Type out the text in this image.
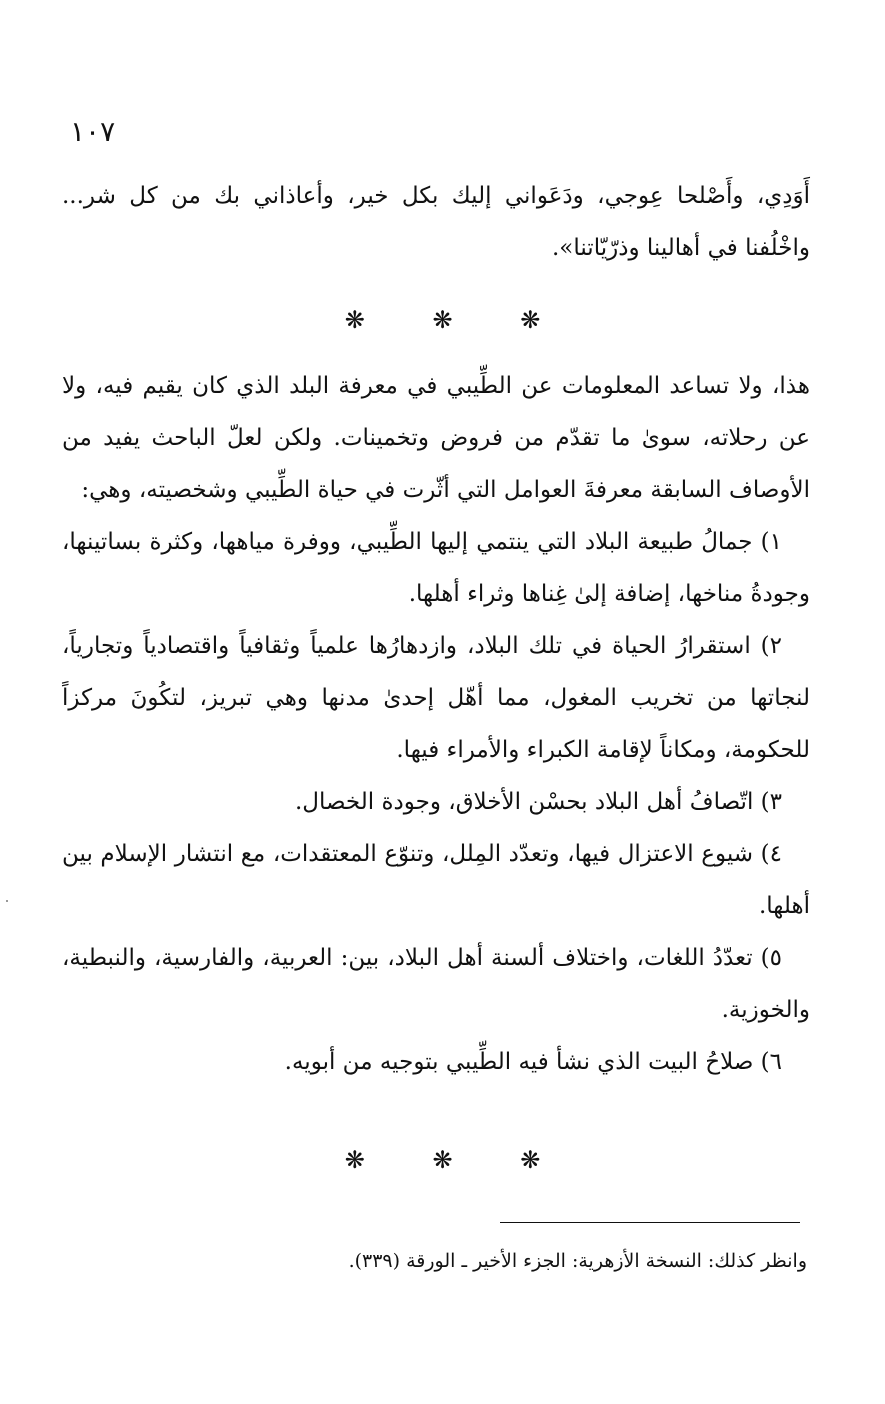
١٠٧

أَوَدِي، وأَصْلحا عِوجي، ودَعَواني إليك بكل خير، وأعاذاني بك من كل شر... واخْلُفنا في أهالينا وذرّيّاتنا».

❋	❋	❋

هذا، ولا تساعد المعلومات عن الطِّيبي في معرفة البلد الذي كان يقيم فيه، ولا عن رحلاته، سوىٰ ما تقدّم من فروض وتخمينات. ولكن لعلّ الباحث يفيد من الأوصاف السابقة معرفةَ العوامل التي أثّرت في حياة الطِّيبي وشخصيته، وهي:

١) جمالُ طبيعة البلاد التي ينتمي إليها الطِّيبي، ووفرة مياهها، وكثرة بساتينها، وجودةُ مناخها، إضافة إلىٰ غِناها وثراء أهلها.

٢) استقرارُ الحياة في تلك البلاد، وازدهارُها علمياً وثقافياً واقتصادياً وتجارياً، لنجاتها من تخريب المغول، مما أهّل إحدىٰ مدنها وهي تبريز، لتكُونَ مركزاً للحكومة، ومكاناً لإقامة الكبراء والأمراء فيها.

٣) اتّصافُ أهل البلاد بحسْن الأخلاق، وجودة الخصال.

٤) شيوع الاعتزال فيها، وتعدّد المِلل، وتنوّع المعتقدات، مع انتشار الإسلام بين أهلها.

٥) تعدّدُ اللغات، واختلاف ألسنة أهل البلاد، بين: العربية، والفارسية، والنبطية، والخوزية.

٦) صلاحُ البيت الذي نشأ فيه الطِّيبي بتوجيه من أبويه.

❋	❋	❋
وانظر كذلك: النسخة الأزهرية: الجزء الأخير ـ الورقة (٣٣٩).
